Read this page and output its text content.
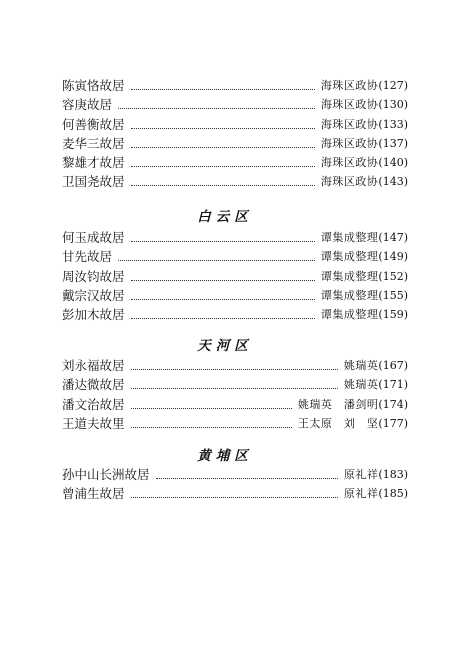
陈寅恪故居	海珠区政协 (127)
容庚故居	海珠区政协 (130)
何善衡故居	海珠区政协 (133)
麦华三故居	海珠区政协 (137)
黎雄才故居	海珠区政协 (140)
卫国尧故居	海珠区政协 (143)
白云区
何玉成故居	谭集成整理 (147)
甘先故居	谭集成整理 (149)
周汝钧故居	谭集成整理 (152)
戴宗汉故居	谭集成整理 (155)
彭加木故居	谭集成整理 (159)
天河区
刘永福故居	姚瑞英 (167)
潘达微故居	姚瑞英 (171)
潘文治故居	姚瑞英　潘剑明 (174)
王道夫故里	王太原　刘　坚 (177)
黄埔区
孙中山长洲故居	原礼祥 (183)
曾浦生故居	原礼祥 (185)
